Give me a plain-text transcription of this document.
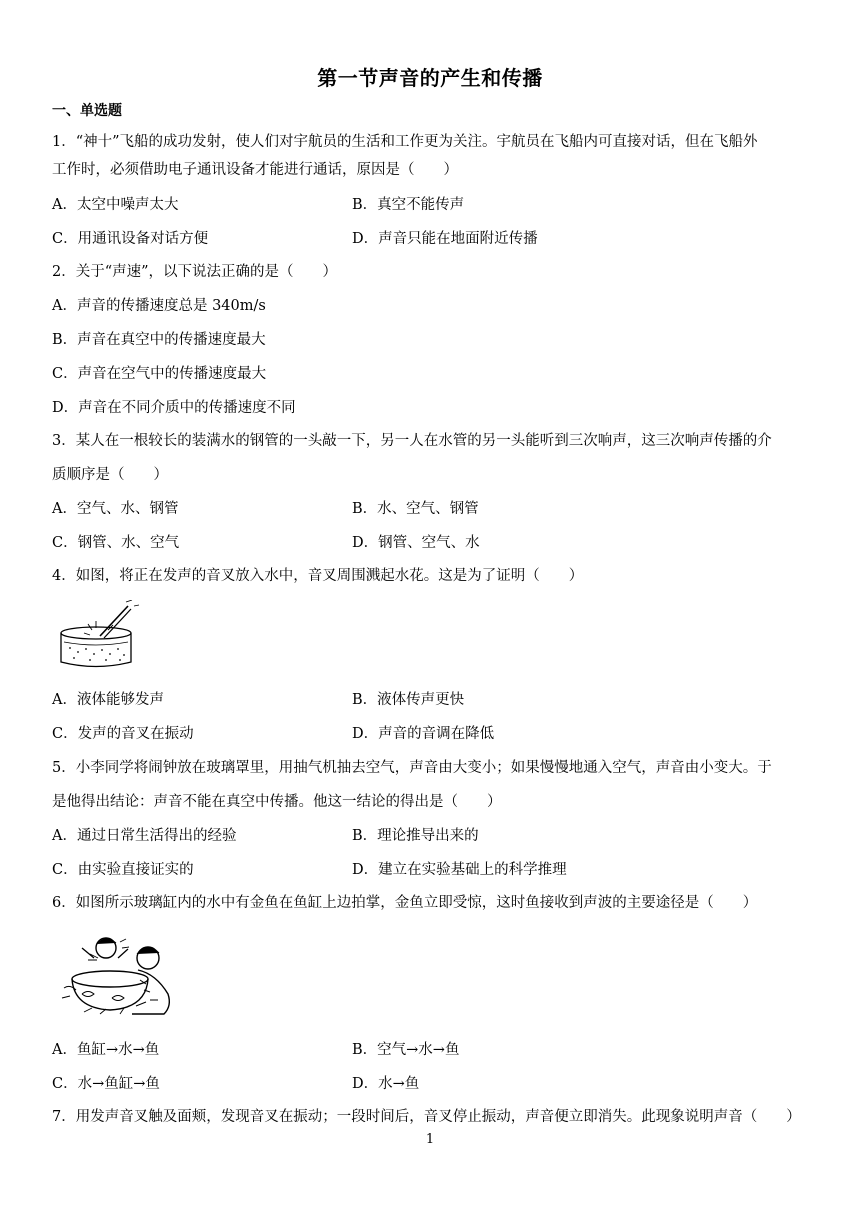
第一节声音的产生和传播
一、单选题
1．“神十”飞船的成功发射，使人们对宇航员的生活和工作更为关注。宇航员在飞船内可直接对话，但在飞船外
工作时，必须借助电子通讯设备才能进行通话，原因是（　　）
A．太空中噪声太大	B．真空不能传声
C．用通讯设备对话方便	D．声音只能在地面附近传播
2．关于“声速”，以下说法正确的是（　　）
A．声音的传播速度总是 340m/s
B．声音在真空中的传播速度最大
C．声音在空气中的传播速度最大
D．声音在不同介质中的传播速度不同
3．某人在一根较长的装满水的钢管的一头敲一下，另一人在水管的另一头能听到三次响声，这三次响声传播的介
质顺序是（　　）
A．空气、水、钢管	B．水、空气、钢管
C．钢管、水、空气	D．钢管、空气、水
4．如图，将正在发声的音叉放入水中，音叉周围溅起水花。这是为了证明（　　）
A．液体能够发声	B．液体传声更快
C．发声的音叉在振动	D．声音的音调在降低
5．小李同学将闹钟放在玻璃罩里，用抽气机抽去空气，声音由大变小；如果慢慢地通入空气，声音由小变大。于
是他得出结论：声音不能在真空中传播。他这一结论的得出是（　　）
A．通过日常生活得出的经验	B．理论推导出来的
C．由实验直接证实的	D．建立在实验基础上的科学推理
6．如图所示玻璃缸内的水中有金鱼在鱼缸上边拍掌，金鱼立即受惊，这时鱼接收到声波的主要途径是（　　）
A．鱼缸→水→鱼	B．空气→水→鱼
C．水→鱼缸→鱼	D．水→鱼
7．用发声音叉触及面颊，发现音叉在振动；一段时间后，音叉停止振动，声音便立即消失。此现象说明声音（　　）
1
